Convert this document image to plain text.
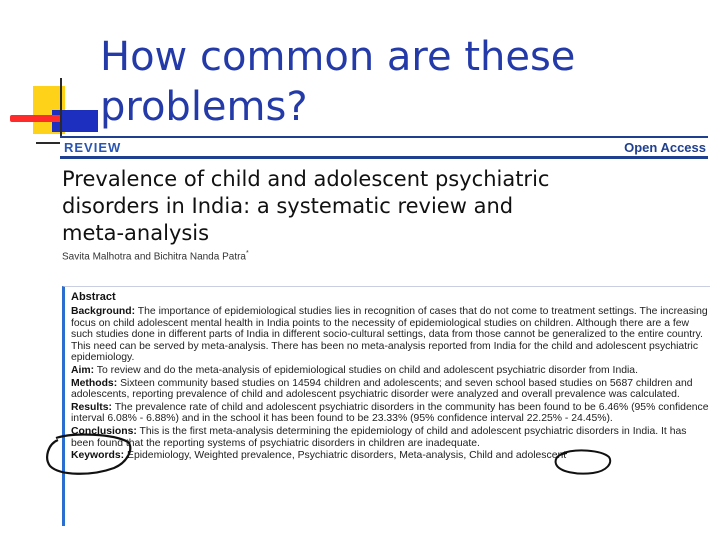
How common are these
problems?
REVIEW	Open Access
Prevalence of child and adolescent psychiatric
disorders in India: a systematic review and
meta-analysis
Savita Malhotra and Bichitra Nanda Patra*

Abstract

Background: The importance of epidemiological studies lies in recognition of cases that do not come to treatment settings. The increasing focus on child adolescent mental health in India points to the necessity of epidemiological studies on children. Although there are a few such studies done in different parts of India in different socio-cultural settings, data from those cannot be generalized to the entire country. This need can be served by meta-analysis. There has been no meta-analysis reported from India for the child and adolescent psychiatric epidemiology.

Aim: To review and do the meta-analysis of epidemiological studies on child and adolescent psychiatric disorder from India.

Methods: Sixteen community based studies on 14594 children and adolescents; and seven school based studies on 5687 children and adolescents, reporting prevalence of child and adolescent psychiatric disorder were analyzed and overall prevalence was calculated.

Results: The prevalence rate of child and adolescent psychiatric disorders in the community has been found to be 6.46% (95% confidence interval 6.08% - 6.88%) and in the school it has been found to be 23.33% (95% confidence interval 22.25% - 24.45%).

Conclusions: This is the first meta-analysis determining the epidemiology of child and adolescent psychiatric disorders in India. It has been found that the reporting systems of psychiatric disorders in children are inadequate.

Keywords: Epidemiology, Weighted prevalence, Psychiatric disorders, Meta-analysis, Child and adolescent
